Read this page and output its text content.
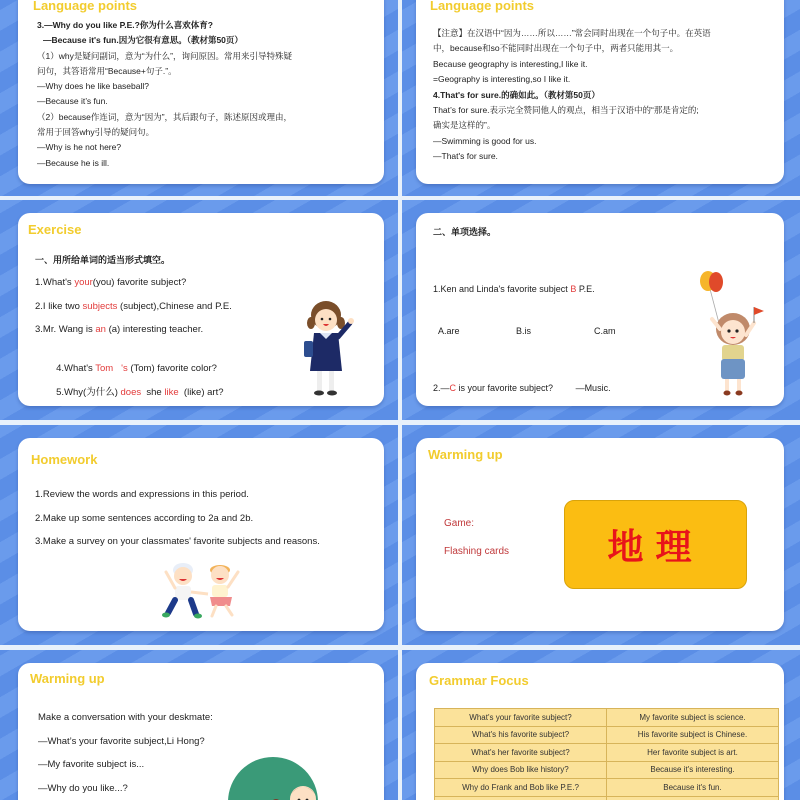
Language points
3.—Why do you like P.E.?你为什么喜欢体育?
—Because it's fun.因为它很有意思。（教材第50页）
（1）why是疑问副词，意为“为什么”，询问原因。常用来引导特殊疑
问句，其答语常用“Because+句子.”。
—Why does he like baseball?
—Because it’s fun.
（2）because作连词，意为“因为”，其后跟句子，陈述原因或理由，
常用于回答why引导的疑问句。
—Why is he not here?
—Because he is ill.
Language points
【注意】在汉语中“因为……所以……”常会同时出现在一个句子中。在英语
中，because和so不能同时出现在一个句子中，两者只能用其一。
Because geography is interesting,I like it.
=Geography is interesting,so I like it.
4.That's for sure.的确如此。（教材第50页）
That’s for sure.表示完全赞同他人的观点，相当于汉语中的“那是肯定的;
确实是这样的”。
—Swimming is good for us.
—That's for sure.
Exercise
一、用所给单词的适当形式填空。
1.What's your(you) favorite subject?
2.I like two subjects (subject),Chinese and P.E.
3.Mr. Wang is an (a) interesting teacher.

4.What's Tom   's (Tom) favorite color?

5.Why(为什么) does  she like  (like) art?

二、单项选择。

1.Ken and Linda's favorite subject B P.E.

A.are	B.is	C.am

2.—C is your favorite subject?         —Music.

Homework
1.Review the words and expressions in this period.
2.Make up some sentences according to 2a and 2b.
3.Make a survey on your classmates' favorite subjects and reasons.
Warming up
Game:
Flashing cards	地理
Warming up
Make a conversation with your deskmate:
—What’s your favorite subject,Li Hong?
—My favorite subject is...
—Why do you like...?
Grammar Focus
What's your favorite subject?	My favorite subject is science.
What's his favorite subject?	His favorite subject is Chinese.
What's her favorite subject?	Her favorite subject is art.
Why does Bob like history?	Because it's interesting.
Why do Frank and Bob like P.E.?	Because it's fun.
